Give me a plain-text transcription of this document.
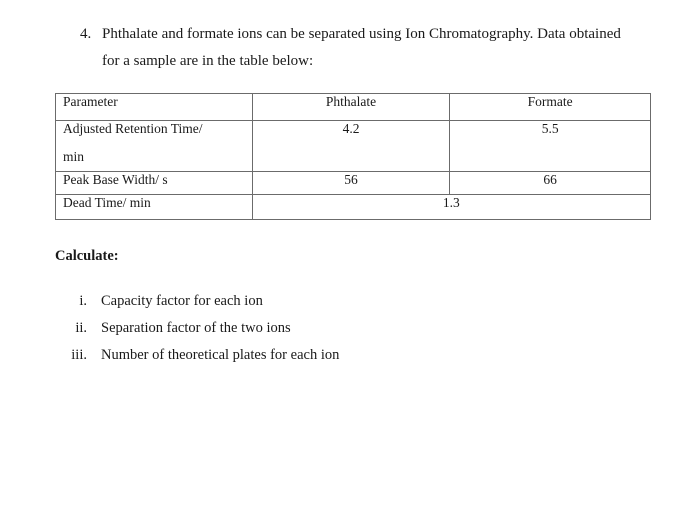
4. Phthalate and formate ions can be separated using Ion Chromatography. Data obtained
for a sample are in the table below:
Parameter	Phthalate	Formate
Adjusted Retention Time/
min	4.2	5.5
Peak Base Width/ s	56	66
Dead Time/ min	1.3	
Calculate:
i. Capacity factor for each ion
ii. Separation factor of the two ions
iii. Number of theoretical plates for each ion
